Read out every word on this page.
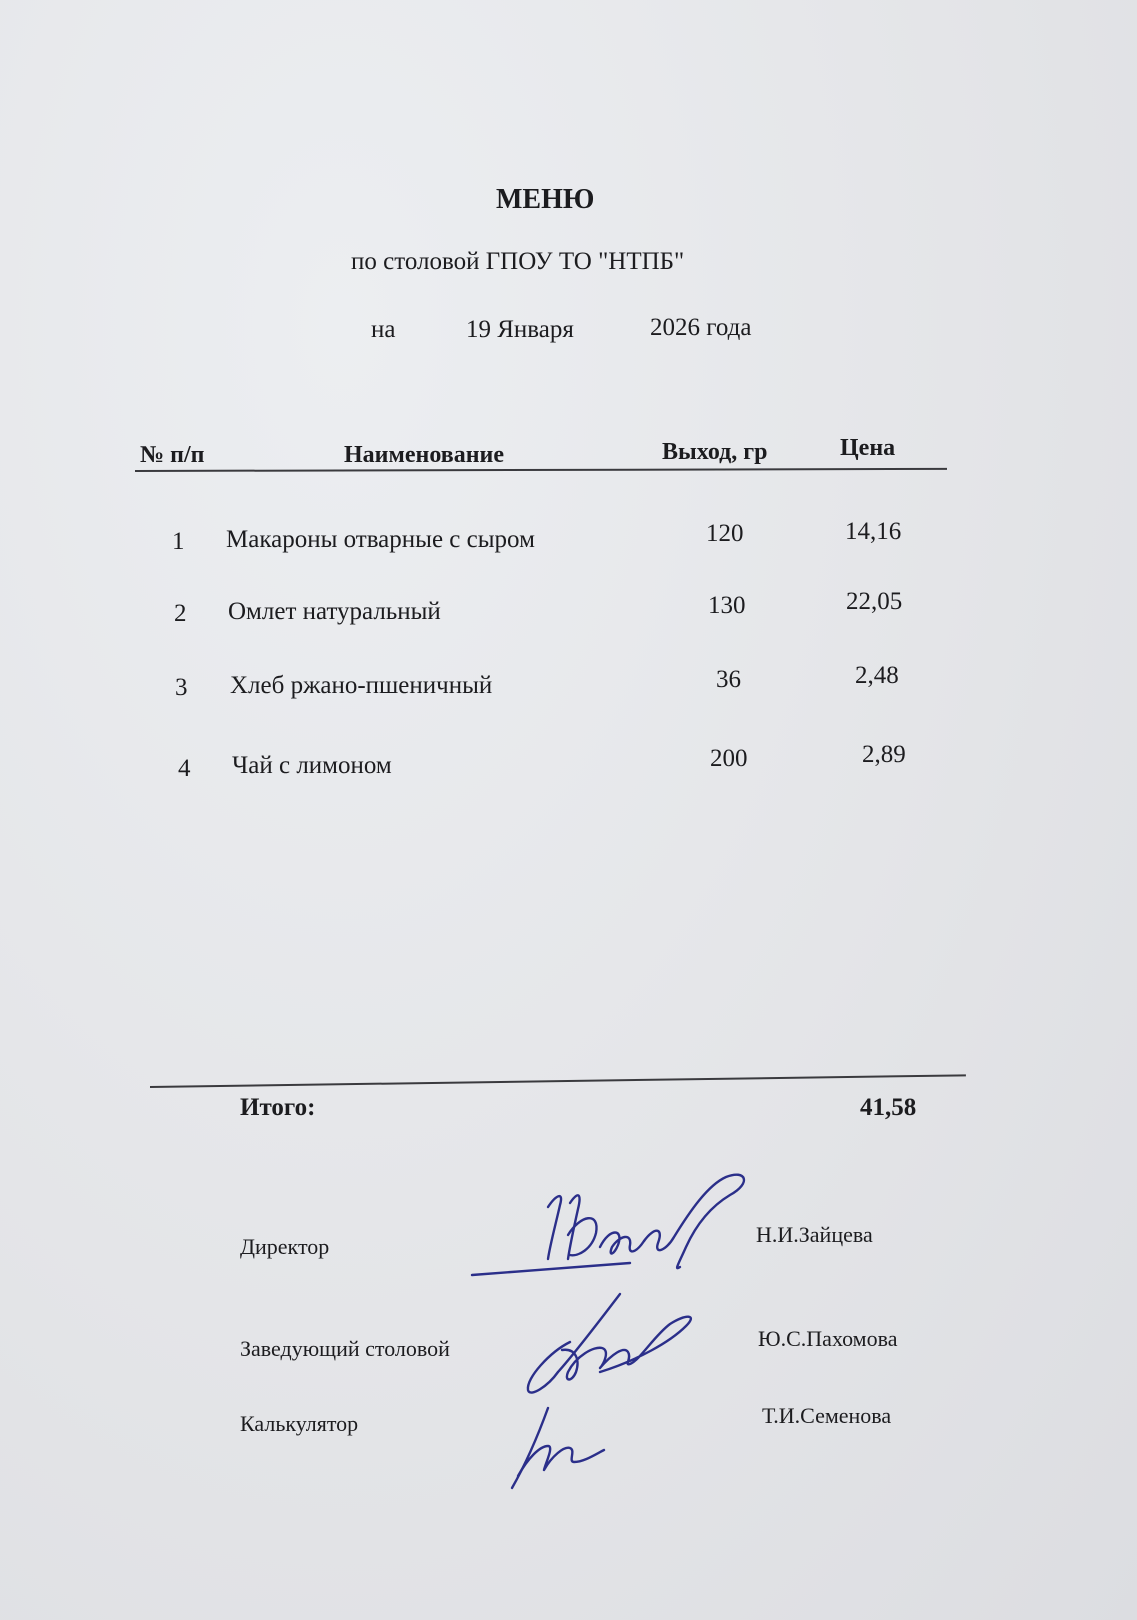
МЕНЮ
по столовой ГПОУ ТО "НТПБ"
на	19 Января	2026 года
№ п/п	Наименование	Выход, гр	Цена
1 Макароны отварные с сыром	120	14,16
2 Омлет натуральный	130	22,05
3 Хлеб ржано-пшеничный	36	2,48
4 Чай с лимоном	200	2,89
Итого:	41,58
Директор	Н.И.Зайцева
Заведующий столовой	Ю.С.Пахомова
Калькулятор	Т.И.Семенова
